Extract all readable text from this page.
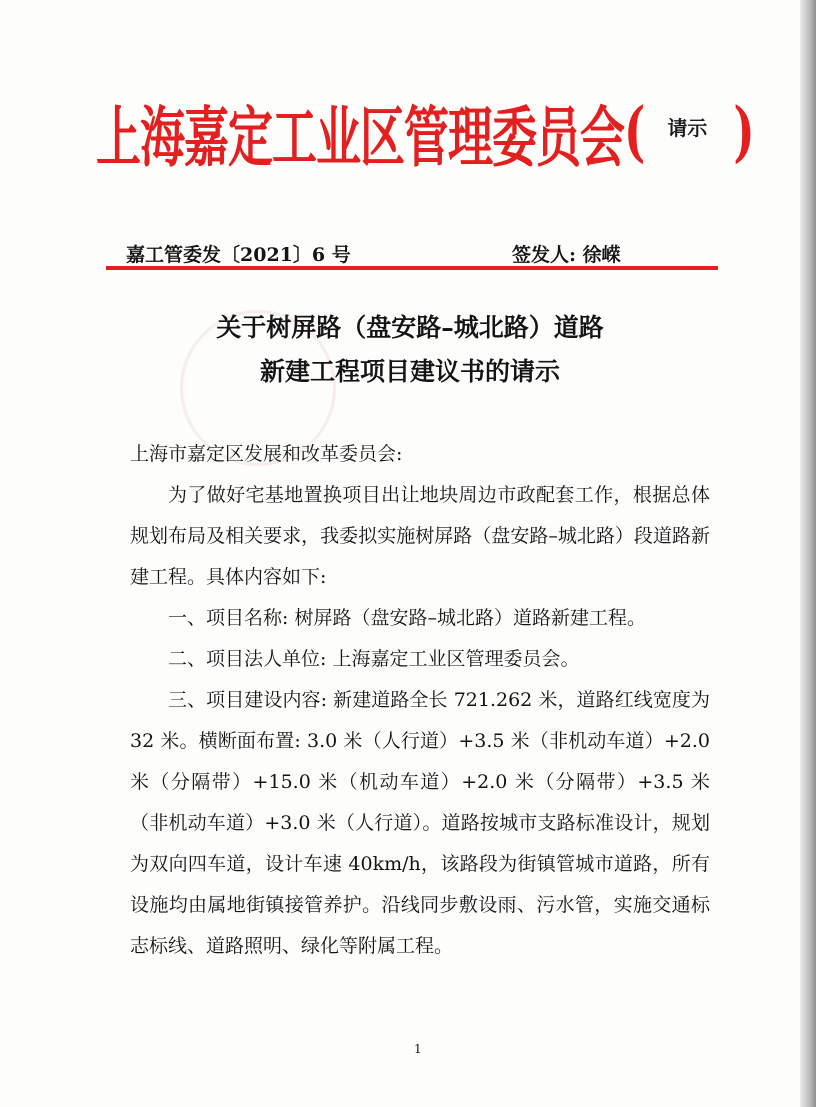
上海嘉定工业区管理委员会 ( 请示 )
嘉工管委发〔2021〕6 号	签发人: 徐嵘
关于树屏路（盘安路–城北路）道路
新建工程项目建议书的请示

上海市嘉定区发展和改革委员会:

为了做好宅基地置换项目出让地块周边市政配套工作，根据总体规划布局及相关要求，我委拟实施树屏路（盘安路–城北路）段道路新建工程。具体内容如下:

一、项目名称: 树屏路（盘安路–城北路）道路新建工程。

二、项目法人单位: 上海嘉定工业区管理委员会。

三、项目建设内容: 新建道路全长 721.262 米，道路红线宽度为 32 米。横断面布置: 3.0 米（人行道）+3.5 米（非机动车道）+2.0 米（分隔带）+15.0 米（机动车道）+2.0 米（分隔带）+3.5 米（非机动车道）+3.0 米（人行道）。道路按城市支路标准设计，规划为双向四车道，设计车速 40km/h，该路段为街镇管城市道路，所有设施均由属地街镇接管养护。沿线同步敷设雨、污水管，实施交通标志标线、道路照明、绿化等附属工程。

1
